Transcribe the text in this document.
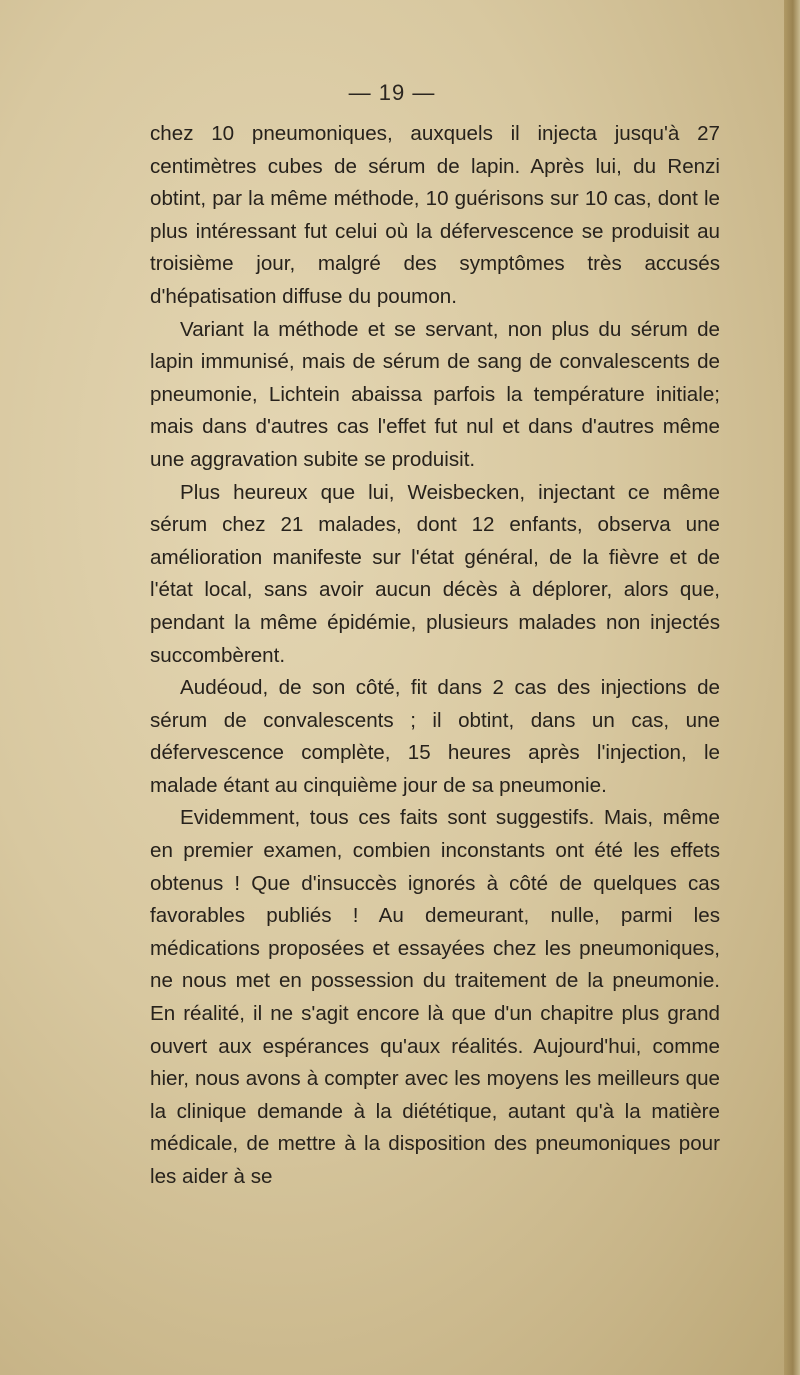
— 19 —

chez 10 pneumoniques, auxquels il injecta jusqu'à 27 centimètres cubes de sérum de lapin. Après lui, du Renzi obtint, par la même méthode, 10 guérisons sur 10 cas, dont le plus intéressant fut celui où la défervescence se produisit au troisième jour, malgré des symptômes très accusés d'hépatisation diffuse du poumon.

Variant la méthode et se servant, non plus du sérum de lapin immunisé, mais de sérum de sang de convalescents de pneumonie, Lichtein abaissa parfois la température initiale; mais dans d'autres cas l'effet fut nul et dans d'autres même une aggravation subite se produisit.

Plus heureux que lui, Weisbecken, injectant ce même sérum chez 21 malades, dont 12 enfants, observa une amélioration manifeste sur l'état général, de la fièvre et de l'état local, sans avoir aucun décès à déplorer, alors que, pendant la même épidémie, plusieurs malades non injectés succombèrent.

Audéoud, de son côté, fit dans 2 cas des injections de sérum de convalescents ; il obtint, dans un cas, une défervescence complète, 15 heures après l'injection, le malade étant au cinquième jour de sa pneumonie.

Evidemment, tous ces faits sont suggestifs. Mais, même en premier examen, combien inconstants ont été les effets obtenus ! Que d'insuccès ignorés à côté de quelques cas favorables publiés ! Au demeurant, nulle, parmi les médications proposées et essayées chez les pneumoniques, ne nous met en possession du traitement de la pneumonie. En réalité, il ne s'agit encore là que d'un chapitre plus grand ouvert aux espérances qu'aux réalités. Aujourd'hui, comme hier, nous avons à compter avec les moyens les meilleurs que la clinique demande à la diététique, autant qu'à la matière médicale, de mettre à la disposition des pneumoniques pour les aider à se
